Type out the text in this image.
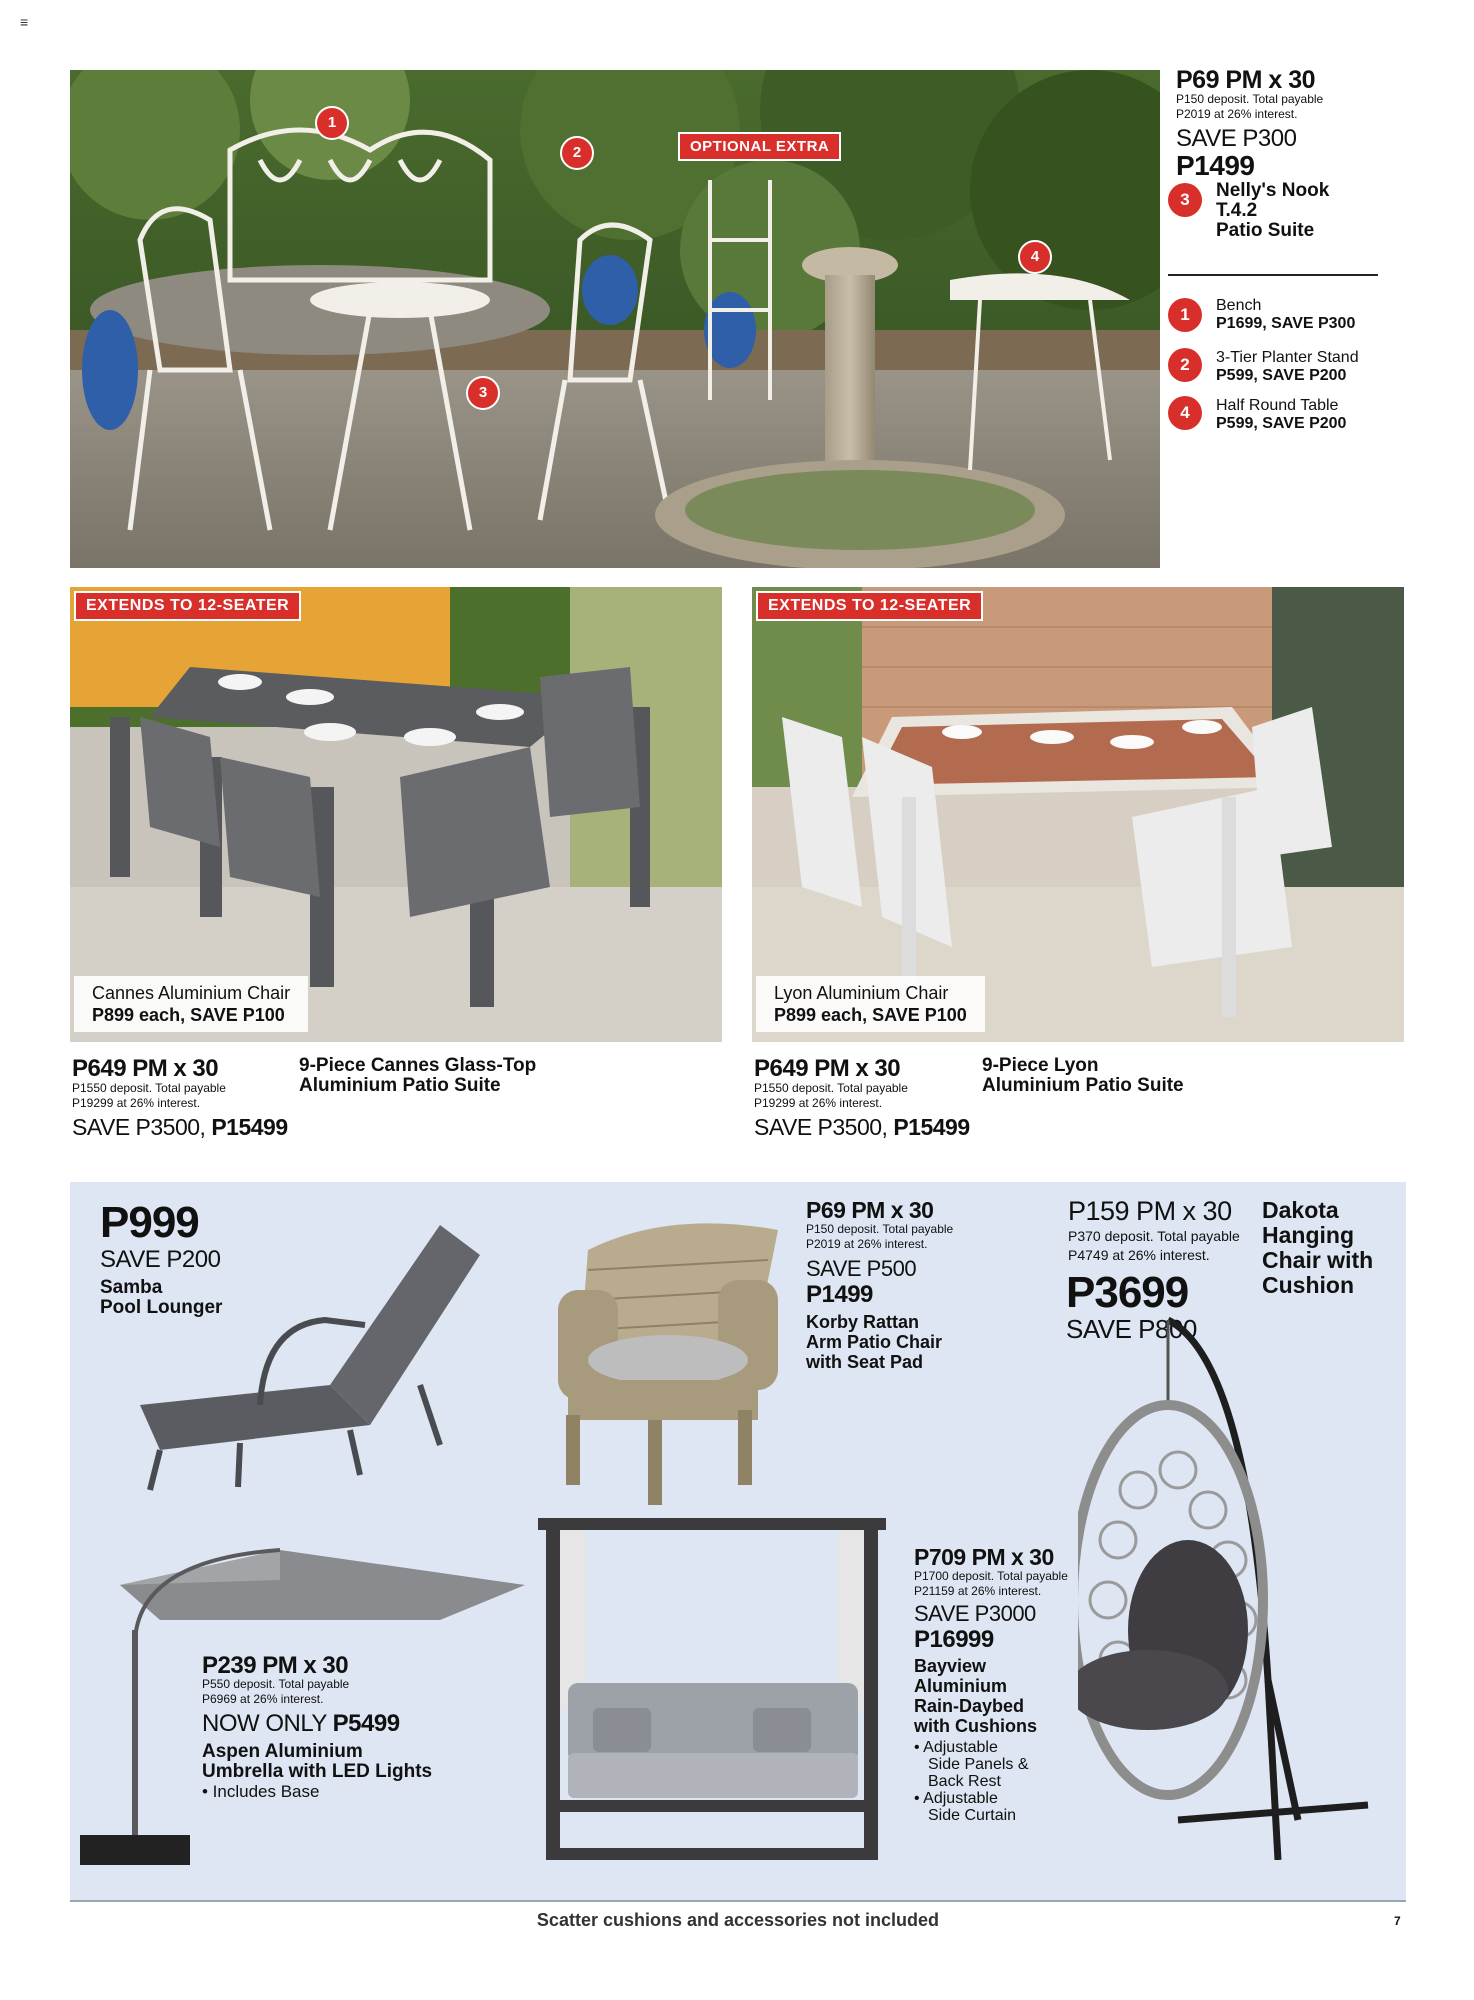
≡
1
2
3
4
OPTIONAL EXTRA
P69 PM x 30
P150 deposit. Total payable
P2019 at 26% interest.
SAVE P300
P1499
3	Nelly's Nook
T.4.2
Patio Suite
1	Bench
P1699, SAVE P300
2	3-Tier Planter Stand
P599, SAVE P200
4	Half Round Table
P599, SAVE P200
EXTENDS TO 12-SEATER
Cannes Aluminium Chair
P899 each, SAVE P100
EXTENDS TO 12-SEATER
Lyon Aluminium Chair
P899 each, SAVE P100
P649 PM x 30
P1550 deposit. Total payable
P19299 at 26% interest.
SAVE P3500, P15499
9-Piece Cannes Glass-Top
Aluminium Patio Suite
P649 PM x 30
P1550 deposit. Total payable
P19299 at 26% interest.
SAVE P3500, P15499
9-Piece Lyon
Aluminium Patio Suite
P999
SAVE P200
Samba
Pool Lounger
P69 PM x 30
P150 deposit. Total payable
P2019 at 26% interest.
SAVE P500
P1499
Korby Rattan
Arm Patio Chair
with Seat Pad
P159 PM x 30
P370 deposit. Total payable
P4749 at 26% interest.
P3699
SAVE P800
Dakota
Hanging
Chair with
Cushion
P239 PM x 30
P550 deposit. Total payable
P6969 at 26% interest.
NOW ONLY P5499
Aspen Aluminium
Umbrella with LED Lights
• Includes Base
P709 PM x 30
P1700 deposit. Total payable
P21159 at 26% interest.
SAVE P3000
P16999
Bayview
Aluminium
Rain-Daybed
with Cushions
• Adjustable
Side Panels &
Back Rest
• Adjustable
Side Curtain
Scatter cushions and accessories not included	7
